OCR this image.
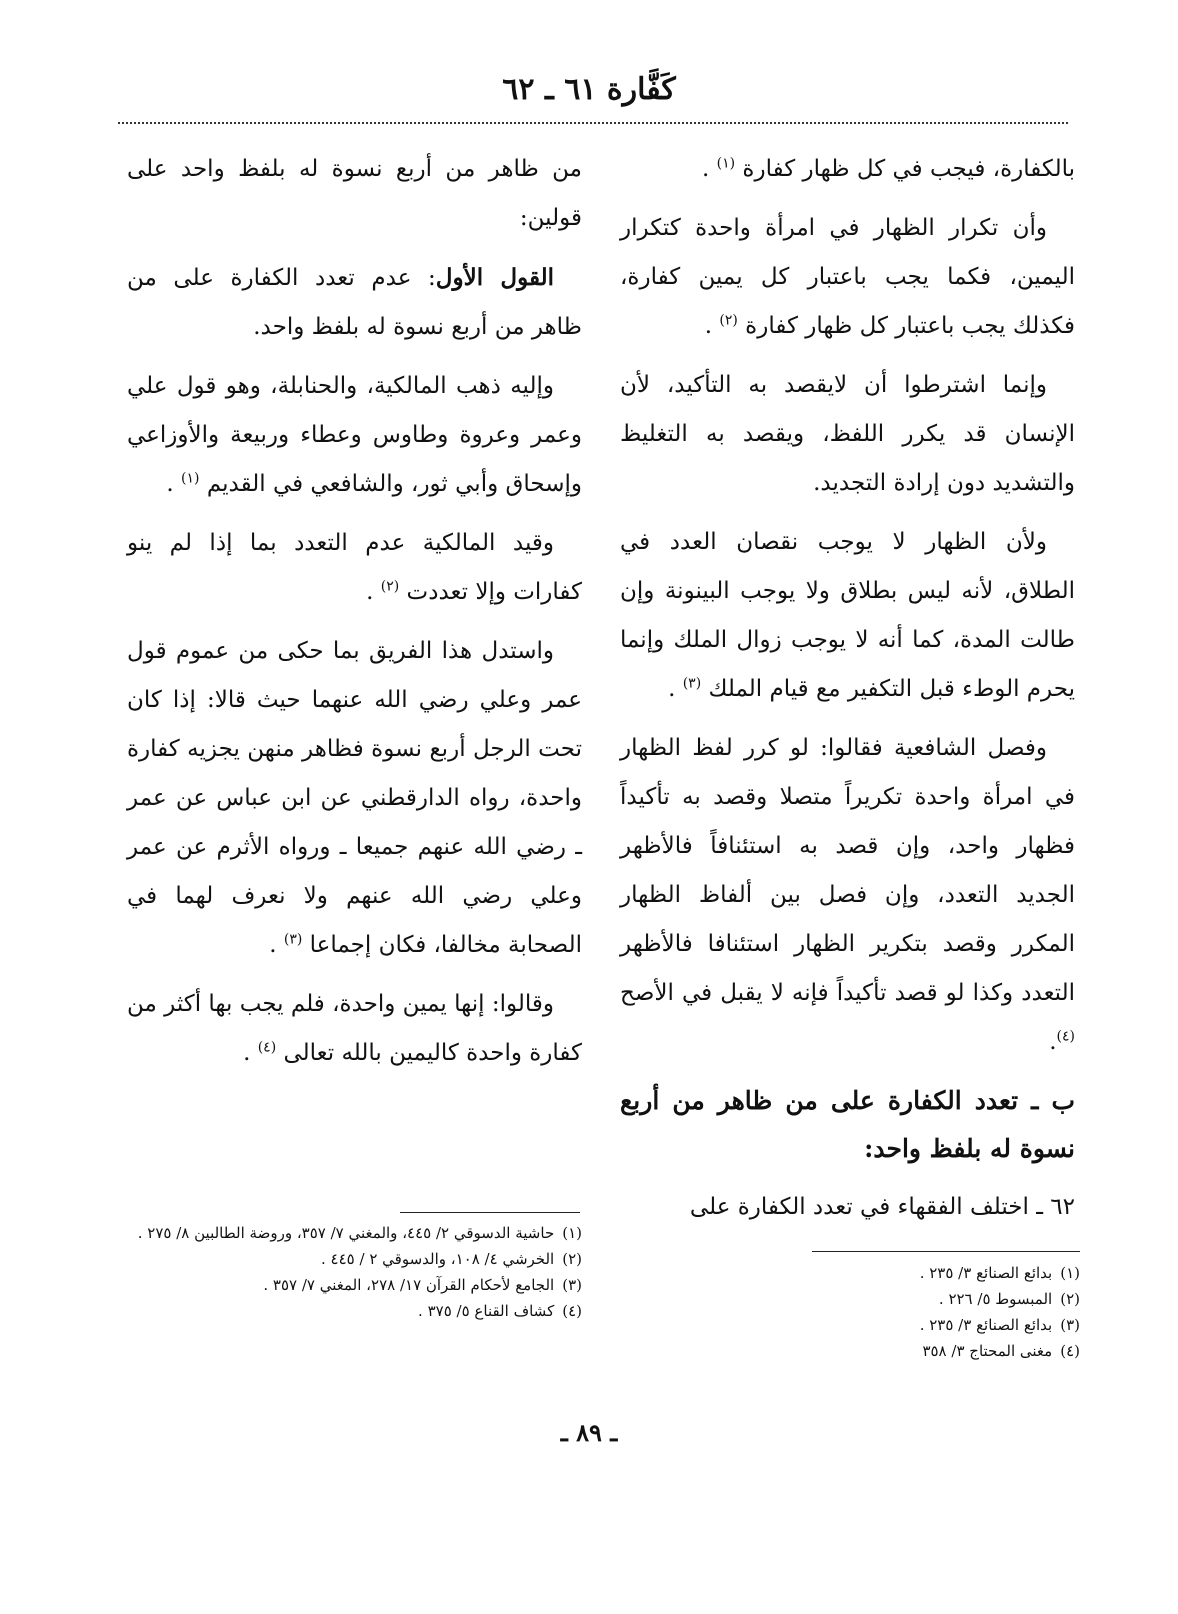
كَفَّارة ٦١ ـ ٦٢

بالكفارة، فيجب في كل ظهار كفارة $^{(١)}$ .

وأن تكرار الظهار في امرأة واحدة كتكرار اليمين، فكما يجب باعتبار كل يمين كفارة، فكذلك يجب باعتبار كل ظهار كفارة $^{(٢)}$ .

وإنما اشترطوا أن لايقصد به التأكيد، لأن الإنسان قد يكرر اللفظ، ويقصد به التغليظ والتشديد دون إرادة التجديد.

ولأن الظهار لا يوجب نقصان العدد في الطلاق، لأنه ليس بطلاق ولا يوجب البينونة وإن طالت المدة، كما أنه لا يوجب زوال الملك وإنما يحرم الوطء قبل التكفير مع قيام الملك $^{(٣)}$ .

وفصل الشافعية فقالوا: لو كرر لفظ الظهار في امرأة واحدة تكريراً متصلا وقصد به تأكيداً فظهار واحد، وإن قصد به استئنافاً فالأظهر الجديد التعدد، وإن فصل بين ألفاظ الظهار المكرر وقصد بتكرير الظهار استئنافا فالأظهر التعدد وكذا لو قصد تأكيداً فإنه لا يقبل في الأصح $^{(٤)}$.

ب ـ تعدد الكفارة على من ظاهر من أربع نسوة له بلفظ واحد:

٦٢ ـ اختلف الفقهاء في تعدد الكفارة على

من ظاهر من أربع نسوة له بلفظ واحد على قولين:

القول الأول: عدم تعدد الكفارة على من ظاهر من أربع نسوة له بلفظ واحد.

وإليه ذهب المالكية، والحنابلة، وهو قول علي وعمر وعروة وطاوس وعطاء وربيعة والأوزاعي وإسحاق وأبي ثور، والشافعي في القديم $^{(١)}$ .

وقيد المالكية عدم التعدد بما إذا لم ينو كفارات وإلا تعددت $^{(٢)}$ .

واستدل هذا الفريق بما حكى من عموم قول عمر وعلي رضي الله عنهما حيث قالا: إذا كان تحت الرجل أربع نسوة فظاهر منهن يجزيه كفارة واحدة، رواه الدارقطني عن ابن عباس عن عمر ـ رضي الله عنهم جميعا ـ ورواه الأثرم عن عمر وعلي رضي الله عنهم ولا نعرف لهما في الصحابة مخالفا، فكان إجماعا $^{(٣)}$ .

وقالوا: إنها يمين واحدة، فلم يجب بها أكثر من كفارة واحدة كاليمين بالله تعالى $^{(٤)}$ .

(١)بدائع الصنائع ٣/ ٢٣٥ .
(٢)المبسوط ٥/ ٢٢٦ .
(٣)بدائع الصنائع ٣/ ٢٣٥ .
(٤)مغنى المحتاج ٣/ ٣٥٨
(١)حاشية الدسوقي ٢/ ٤٤٥، والمغني ٧/ ٣٥٧، وروضة الطالبين ٨/ ٢٧٥ .
(٢)الخرشي ٤/ ١٠٨، والدسوقي ٢ / ٤٤٥ .
(٣)الجامع لأحكام القرآن ١٧/ ٢٧٨، المغني ٧/ ٣٥٧ .
(٤)كشاف القناع ٥/ ٣٧٥ .
ـ ٨٩ ـ
